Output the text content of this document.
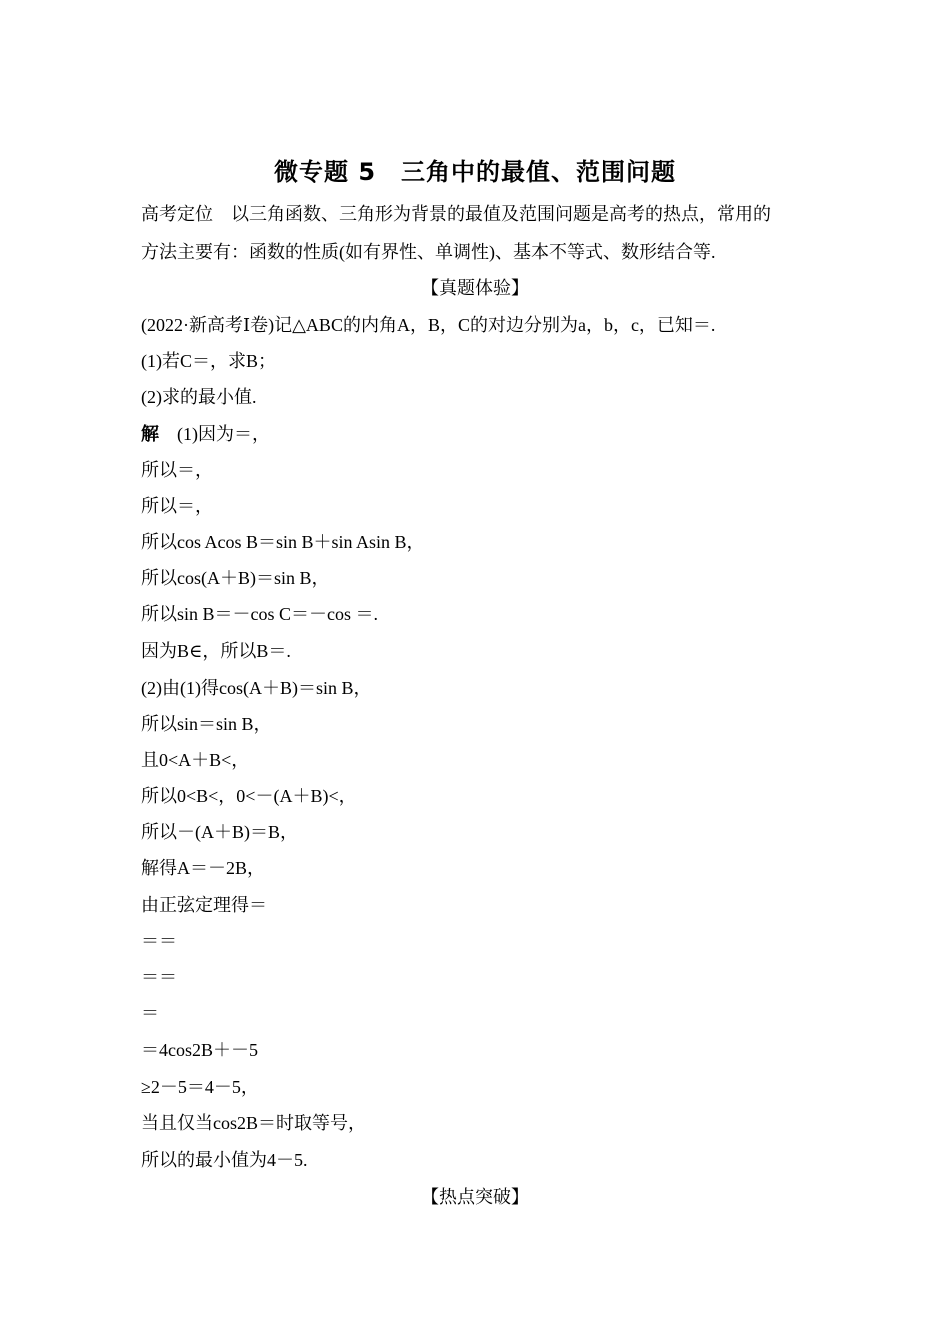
微专题 5　三角中的最值、范围问题
高考定位 以三角函数、三角形为背景的最值及范围问题是高考的热点，常用的
方法主要有：函数的性质(如有界性、单调性)、基本不等式、数形结合等.
【真题体验】
(2022·新高考Ⅰ卷)记△ABC的内角A，B，C的对边分别为a，b，c，已知＝.
(1)若C＝，求B；
(2)求的最小值.
解 (1)因为＝，
所以＝，
所以＝，
所以cos Acos B＝sin B＋sin Asin B，
所以cos(A＋B)＝sin B，
所以sin B＝－cos C＝－cos ＝.
因为B∈，所以B＝.
(2)由(1)得cos(A＋B)＝sin B，
所以sin＝sin B，
且0<A＋B<，
所以0<B<，0<－(A＋B)<，
所以－(A＋B)＝B，
解得A＝－2B，
由正弦定理得＝
＝＝
＝＝
＝
＝4cos2B＋－5
≥2－5＝4－5，
当且仅当cos2B＝时取等号，
所以的最小值为4－5.
【热点突破】
